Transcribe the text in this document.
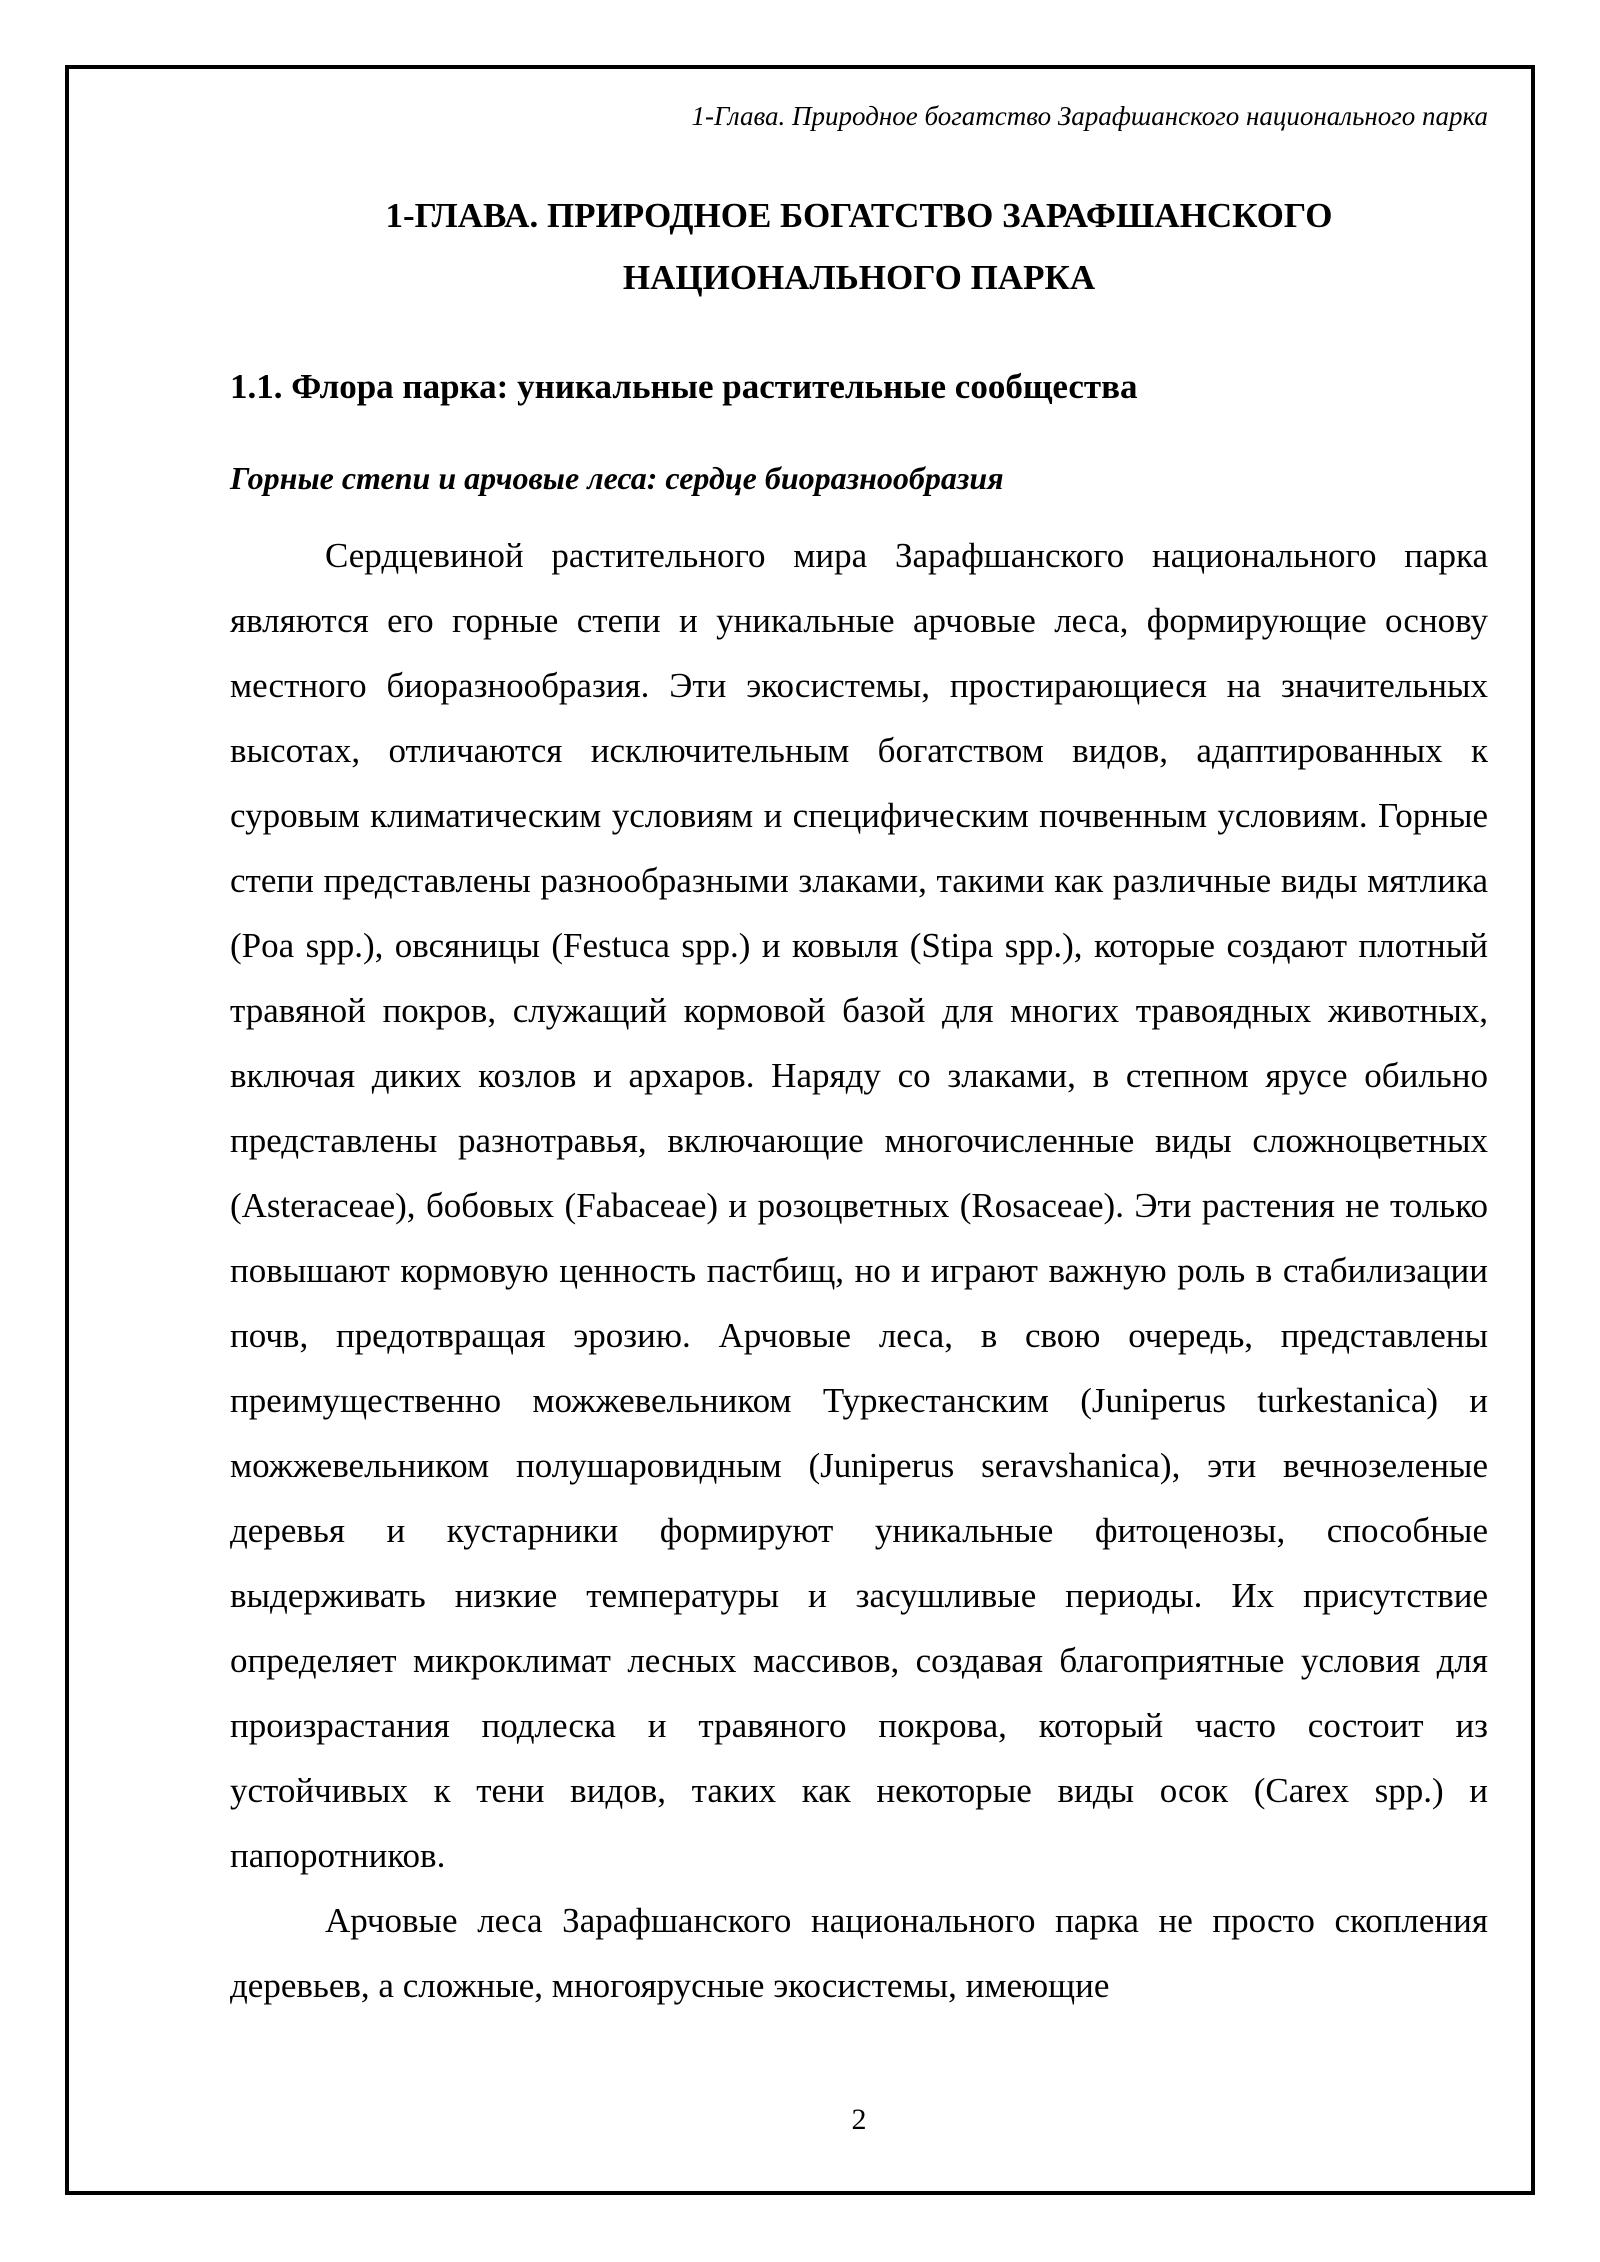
1-Глава. Природное богатство Зарафшанского национального парка
1-ГЛАВА. ПРИРОДНОЕ БОГАТСТВО ЗАРАФШАНСКОГО
НАЦИОНАЛЬНОГО ПАРКА
1.1. Флора парка: уникальные растительные сообщества
Горные степи и арчовые леса: сердце биоразнообразия

Сердцевиной растительного мира Зарафшанского национального парка являются его горные степи и уникальные арчовые леса, формирующие основу местного биоразнообразия. Эти экосистемы, простирающиеся на значительных высотах, отличаются исключительным богатством видов, адаптированных к суровым климатическим условиям и специфическим почвенным условиям. Горные степи представлены разнообразными злаками, такими как различные виды мятлика (Poa spp.), овсяницы (Festuca spp.) и ковыля (Stipa spp.), которые создают плотный травяной покров, служащий кормовой базой для многих травоядных животных, включая диких козлов и архаров. Наряду со злаками, в степном ярусе обильно представлены разнотравья, включающие многочисленные виды сложноцветных (Asteraceae), бобовых (Fabaceae) и розоцветных (Rosaceae). Эти растения не только повышают кормовую ценность пастбищ, но и играют важную роль в стабилизации почв, предотвращая эрозию. Арчовые леса, в свою очередь, представлены преимущественно можжевельником Туркестанским (Juniperus turkestanica) и можжевельником полушаровидным (Juniperus seravshanica), эти вечнозеленые деревья и кустарники формируют уникальные фитоценозы, способные выдерживать низкие температуры и засушливые периоды. Их присутствие определяет микроклимат лесных массивов, создавая благоприятные условия для произрастания подлеска и травяного покрова, который часто состоит из устойчивых к тени видов, таких как некоторые виды осок (Carex spp.) и папоротников.

Арчовые леса Зарафшанского национального парка не просто скопления деревьев, а сложные, многоярусные экосистемы, имеющие

2
